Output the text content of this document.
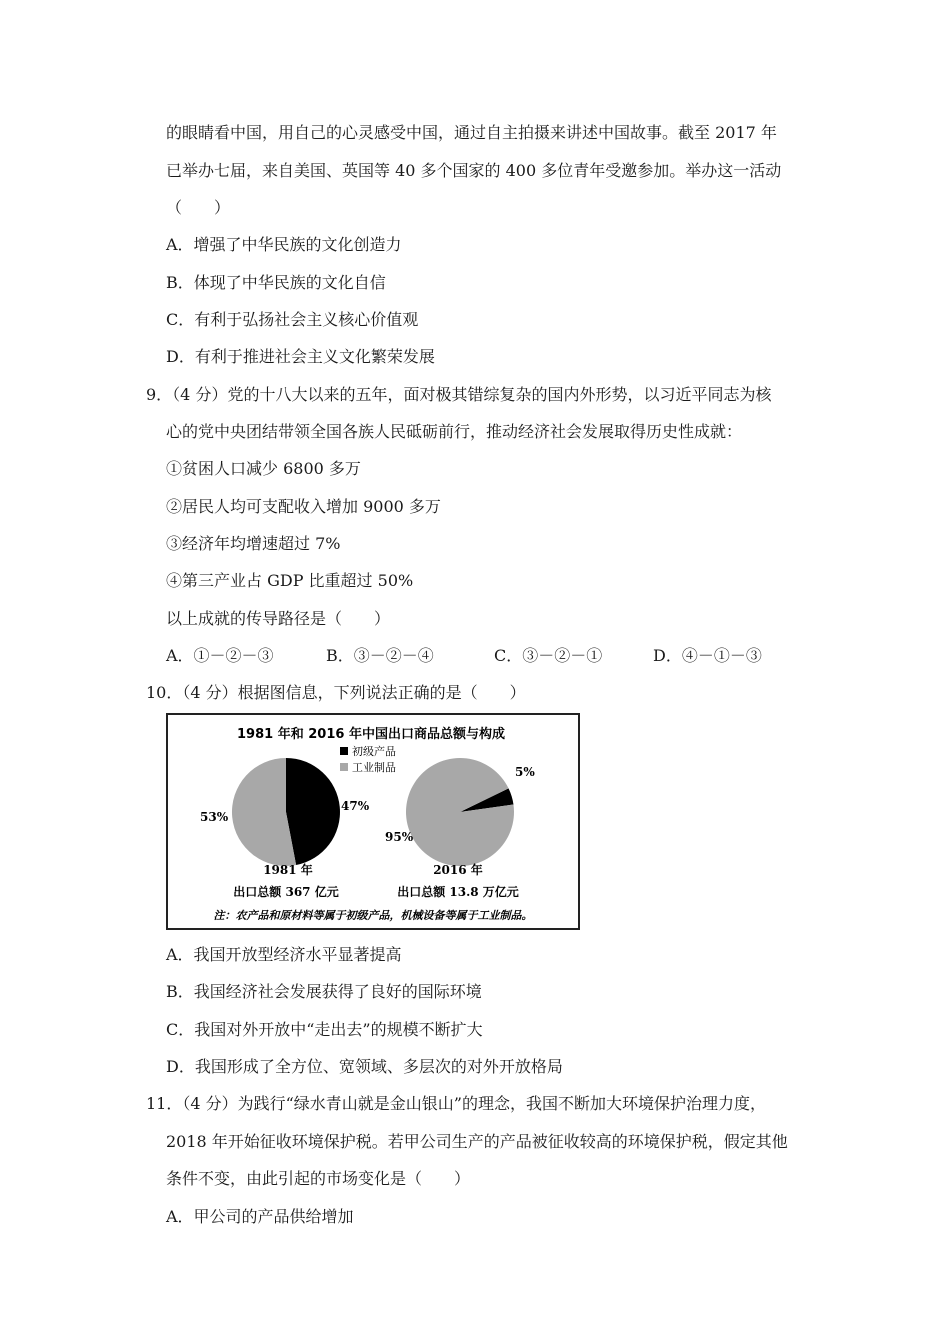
的眼睛看中国，用自己的心灵感受中国，通过自主拍摄来讲述中国故事。截至 2017 年
已举办七届，来自美国、英国等 40 多个国家的 400 多位青年受邀参加。举办这一活动
（　　）
A．增强了中华民族的文化创造力
B．体现了中华民族的文化自信
C．有利于弘扬社会主义核心价值观
D．有利于推进社会主义文化繁荣发展
9．（4 分）党的十八大以来的五年，面对极其错综复杂的国内外形势，以习近平同志为核
心的党中央团结带领全国各族人民砥砺前行，推动经济社会发展取得历史性成就：
①贫困人口减少 6800 多万
②居民人均可支配收入增加 9000 多万
③经济年均增速超过 7%
④第三产业占 GDP 比重超过 50%
以上成就的传导路径是（　　）
A．①－②－③	B．③－②－④	C．③－②－①	D．④－①－③
10．（4 分）根据图信息，下列说法正确的是（　　）
1981 年和 2016 年中国出口商品总额与构成
初级产品
工业制品
53%
47%
1981 年
出口总额 367 亿元
5%
95%
2016 年
出口总额 13.8 万亿元
注：农产品和原材料等属于初级产品，机械设备等属于工业制品。
A．我国开放型经济水平显著提高
B．我国经济社会发展获得了良好的国际环境
C．我国对外开放中“走出去”的规模不断扩大
D．我国形成了全方位、宽领域、多层次的对外开放格局
11．（4 分）为践行“绿水青山就是金山银山”的理念，我国不断加大环境保护治理力度，
2018 年开始征收环境保护税。若甲公司生产的产品被征收较高的环境保护税，假定其他
条件不变，由此引起的市场变化是（　　）
A．甲公司的产品供给增加
